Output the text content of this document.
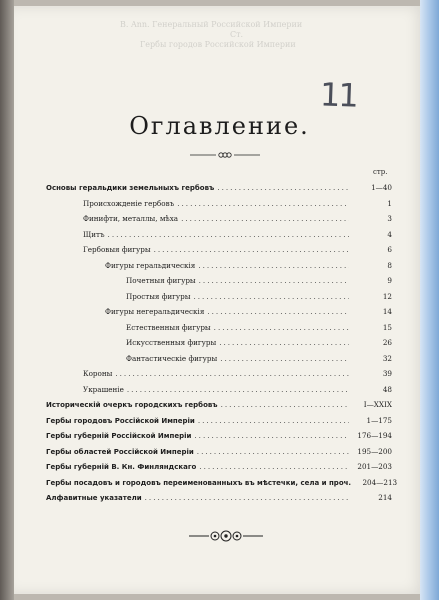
B. Ann. Генеральный Российской Империи
Ст.
Гербы городов Российской Империи
11
Оглавление.
стр.
Основы геральдики земельныхъ гербовъ .....	1—40
Происхожденіе гербовъ .....	1
Финифти, металлы, мѣха .....	3
Щитъ .....	4
Гербовыя фигуры .....	6
Фигуры геральдическія .....	8
Почетныя фигуры .....	9
Простыя фигуры .....	12
Фигуры негеральдическія .....	14
Естественныя фигуры .....	15
Искусственныя фигуры .....	26
Фантастическіе фигуры .....	32
Короны .....	39
Украшеніе .....	48
Историческій очеркъ городскихъ гербовъ .....	I—XXIX
Гербы городовъ Россійской Имперіи .....	1—175
Гербы губерній Россійской Имперіи .....	176—194
Гербы областей Россійской Имперіи .....	195—200
Гербы губерній В. Кн. Финляндскаго .....	201—203
Гербы посадовъ и городовъ переименованныхъ въ мѣстечки, села и проч.	204—213
Алфавитные указатели .....	214
